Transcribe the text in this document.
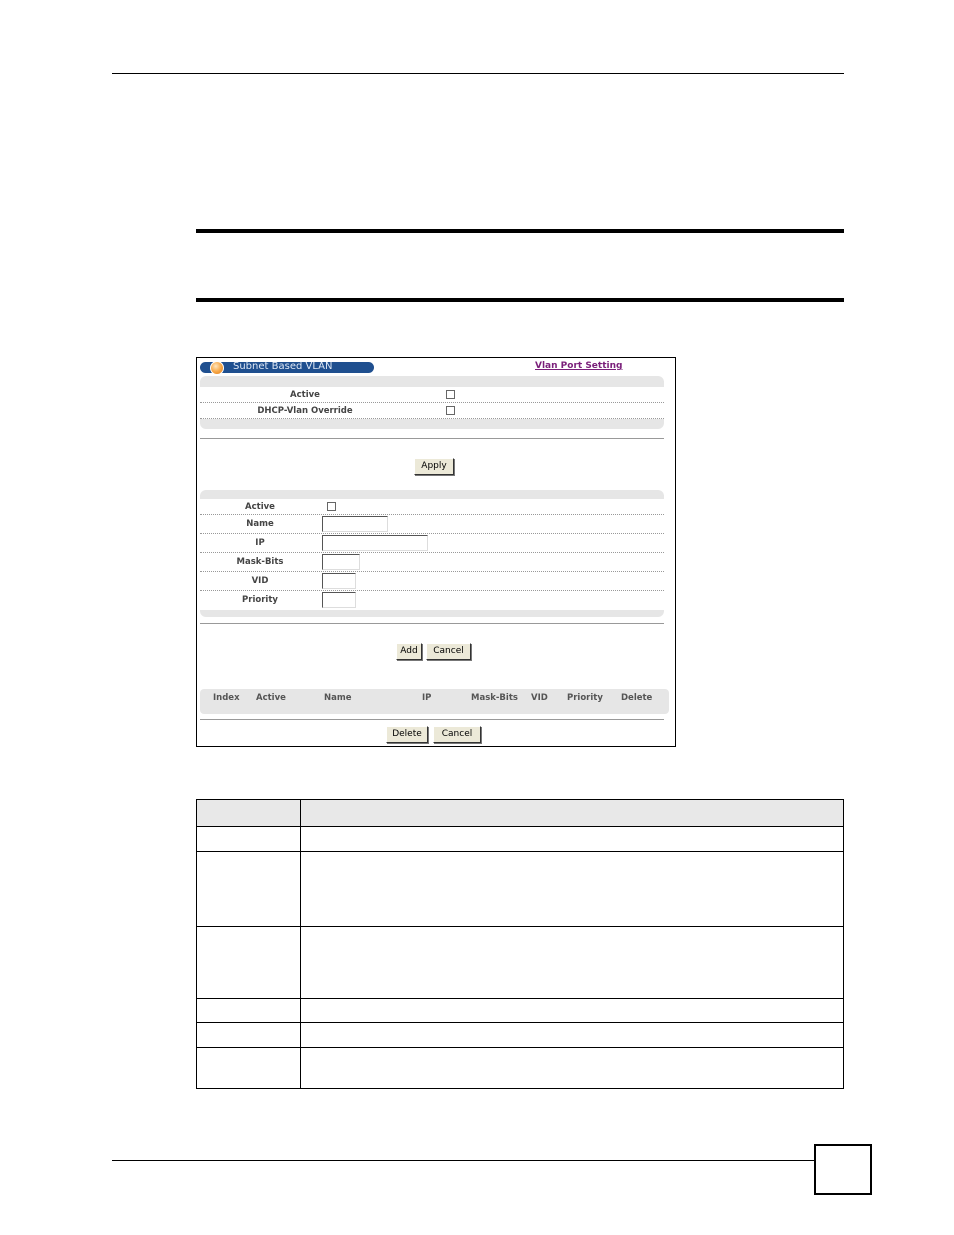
Subnet Based VLAN	Vlan Port Setting
Active
DHCP-Vlan Override
Apply
Active
Name
IP
Mask-Bits
VID
Priority
Add	Cancel
Index Active	Name	IP	Mask-Bits VID Priority Delete
Delete	Cancel
